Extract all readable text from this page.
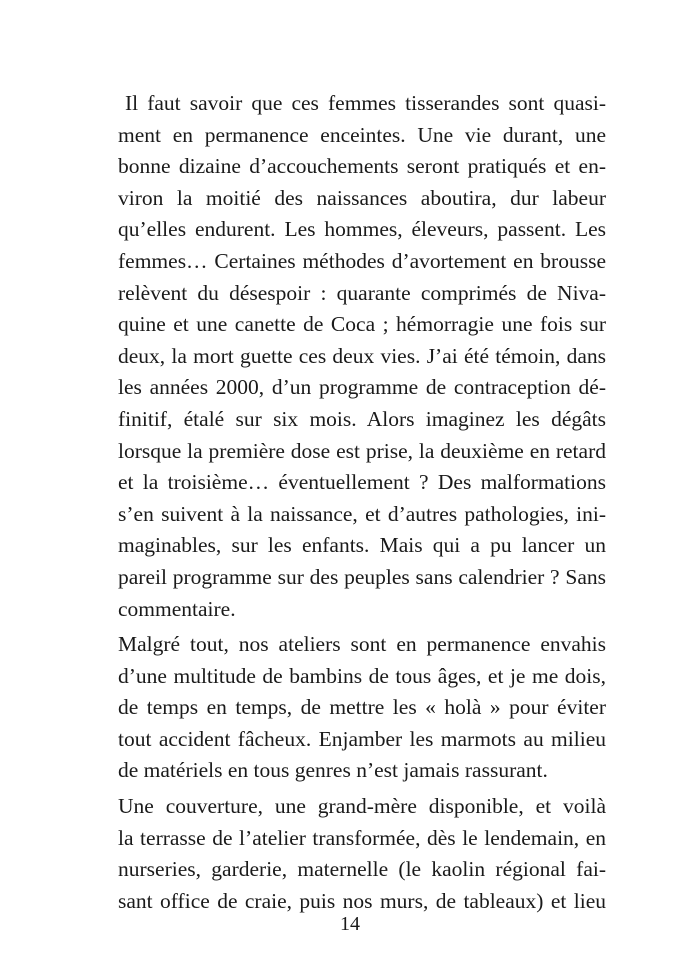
Il faut savoir que ces femmes tisserandes sont quasi-
ment en permanence enceintes. Une vie durant, une
bonne dizaine d’accouchements seront pratiqués et en-
viron la moitié des naissances aboutira, dur labeur
qu’elles endurent. Les hommes, éleveurs, passent. Les
femmes… Certaines méthodes d’avortement en brousse
relèvent du désespoir : quarante comprimés de Niva-
quine et une canette de Coca ; hémorragie une fois sur
deux, la mort guette ces deux vies. J’ai été témoin, dans
les années 2000, d’un programme de contraception dé-
finitif, étalé sur six mois. Alors imaginez les dégâts
lorsque la première dose est prise, la deuxième en retard
et la troisième… éventuellement ? Des malformations
s’en suivent à la naissance, et d’autres pathologies, ini-
maginables, sur les enfants. Mais qui a pu lancer un
pareil programme sur des peuples sans calendrier ? Sans
commentaire.
Malgré tout, nos ateliers sont en permanence envahis
d’une multitude de bambins de tous âges, et je me dois,
de temps en temps, de mettre les « holà » pour éviter
tout accident fâcheux. Enjamber les marmots au milieu
de matériels en tous genres n’est jamais rassurant.
Une couverture, une grand-mère disponible, et voilà
la terrasse de l’atelier transformée, dès le lendemain, en
nurseries, garderie, maternelle (le kaolin régional fai-
sant office de craie, puis nos murs, de tableaux) et lieu
14
